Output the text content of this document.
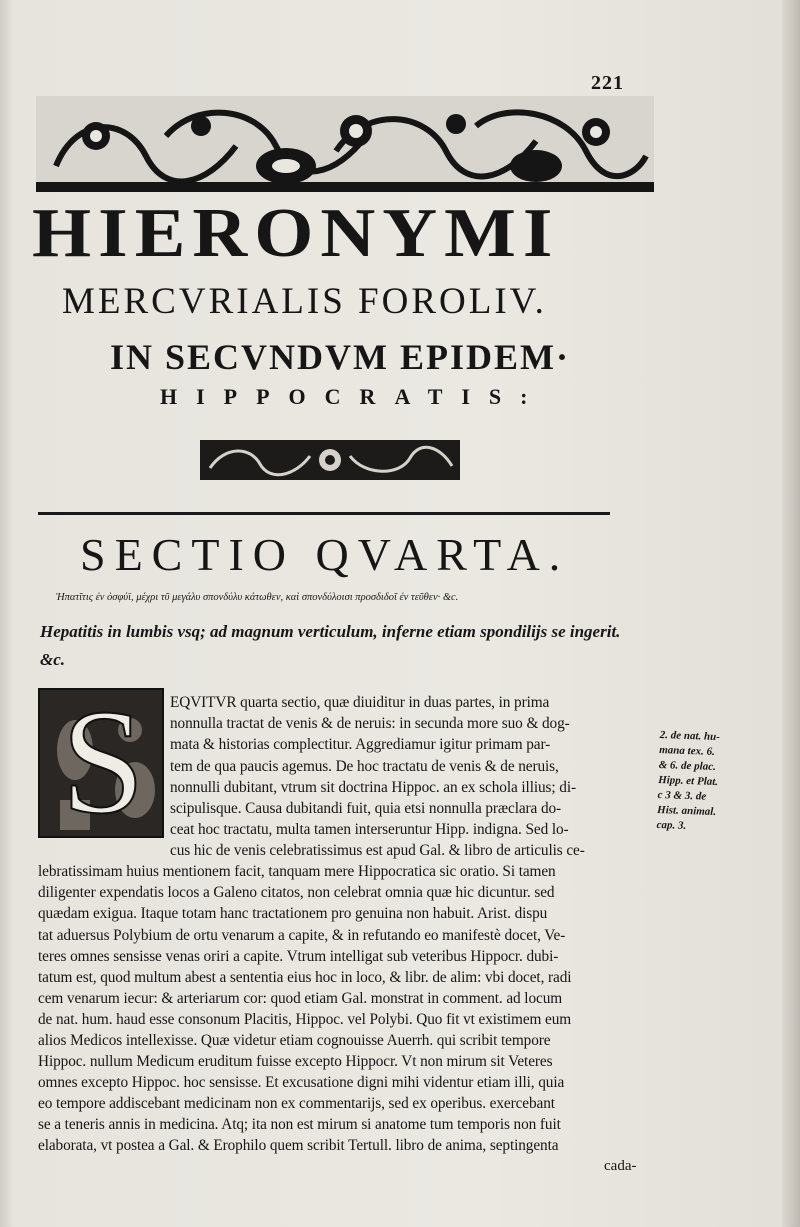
221
HIERONYMI
MERCVRIALIS FOROLIV.
IN SECVNDVM EPIDEM·
HIPPOCRATIS:
SECTIO QVARTA.
Ἡπατῖτις ἐν ὀσφύϊ, μέχρι τῦ μεγάλυ σπονδύλυ κάτωθεν, καὶ σπονδύλοισι προσδιδοῖ ἐν τεῦθεν· &c.
Hepatitis in lumbis vsq; ad magnum verticulum, inferne etiam spondilijs se ingerit. &c.
S	EQVITVR quarta sectio, quæ diuiditur in duas partes, in prima
nonnulla tractat de venis & de neruis: in secunda more suo & dog-
mata & historias complectitur. Aggrediamur igitur primam par-
tem de qua paucis agemus. De hoc tractatu de venis & de neruis,
nonnulli dubitant, vtrum sit doctrina Hippoc. an ex schola illius; di-
scipulisque. Causa dubitandi fuit, quia etsi nonnulla præclara do-
ceat hoc tractatu, multa tamen interseruntur Hipp. indigna. Sed lo-
cus hic de venis celebratissimus est apud Gal. & libro de articulis ce-
lebratissimam huius mentionem facit, tanquam mere Hippocratica sic oratio. Si tamen
diligenter expendatis locos a Galeno citatos, non celebrat omnia quæ hic dicuntur. sed
quædam exigua. Itaque totam hanc tractationem pro genuina non habuit. Arist. dispu
tat aduersus Polybium de ortu venarum a capite, & in refutando eo manifestè docet, Ve-
teres omnes sensisse venas oriri a capite. Vtrum intelligat sub veteribus Hippocr. dubi-
tatum est, quod multum abest a sententia eius hoc in loco, & libr. de alim: vbi docet, radi
cem venarum iecur: & arteriarum cor: quod etiam Gal. monstrat in comment. ad locum
de nat. hum. haud esse consonum Placitis, Hippoc. vel Polybi. Quo fit vt existimem eum
alios Medicos intellexisse. Quæ videtur etiam cognouisse Auerrh. qui scribit tempore
Hippoc. nullum Medicum eruditum fuisse excepto Hippocr. Vt non mirum sit Veteres
omnes excepto Hippoc. hoc sensisse. Et excusatione digni mihi videntur etiam illi, quia
eo tempore addiscebant medicinam non ex commentarijs, sed ex operibus. exercebant
se a teneris annis in medicina. Atq; ita non est mirum si anatome tum temporis non fuit
elaborata, vt postea a Gal. & Erophilo quem scribit Tertull. libro de anima, septingenta
cada-
2. de nat. hu-
mana tex. 6.
& 6. de plac.
Hipp. et Plat.
c 3 & 3. de
Hist. animal.
cap. 3.
